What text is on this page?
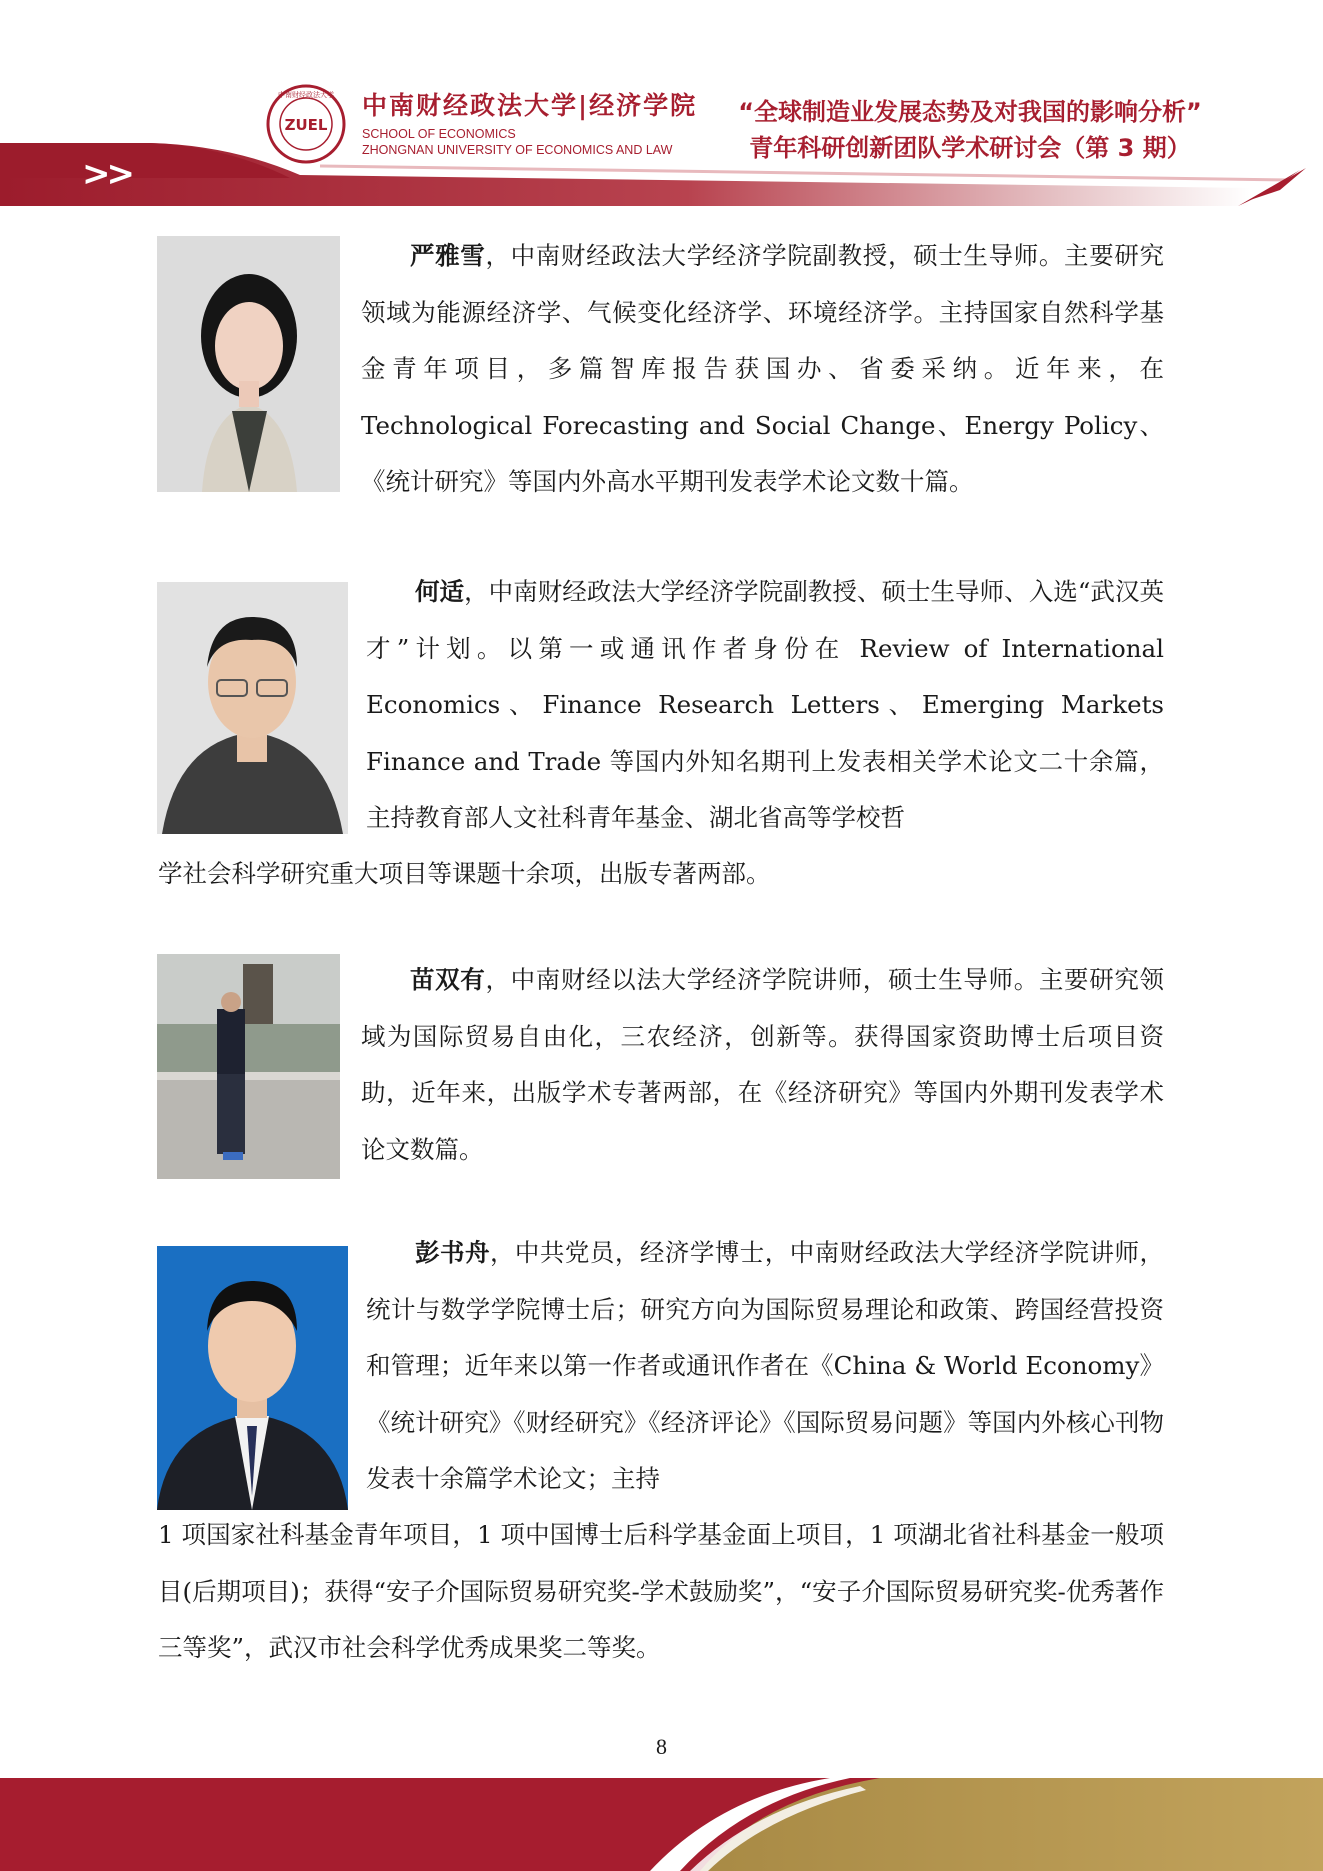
ZUEL
中南财经政法大学 中南财经政法大学|经济学院
SCHOOL OF ECONOMICS
ZHONGNAN UNIVERSITY OF ECONOMICS AND LAW
“全球制造业发展态势及对我国的影响分析”
青年科研创新团队学术研讨会（第 3 期）
>>

严雅雪，中南财经政法大学经济学院副教授，硕士生导师。主要研究领域为能源经济学、气候变化经济学、环境经济学。主持国家自然科学基金青年项目，多篇智库报告获国办、省委采纳。近年来，在 Technological Forecasting and Social Change、Energy Policy、《统计研究》等国内外高水平期刊发表学术论文数十篇。

何适，中南财经政法大学经济学院副教授、硕士生导师、入选“武汉英才”计划。以第一或通讯作者身份在 Review of International Economics、Finance Research Letters、Emerging Markets Finance and Trade 等国内外知名期刊上发表相关学术论文二十余篇，主持教育部人文社科青年基金、湖北省高等学校哲

学社会科学研究重大项目等课题十余项，出版专著两部。

苗双有，中南财经以法大学经济学院讲师，硕士生导师。主要研究领域为国际贸易自由化，三农经济，创新等。获得国家资助博士后项目资助，近年来，出版学术专著两部，在《经济研究》等国内外期刊发表学术论文数篇。

彭书舟，中共党员，经济学博士，中南财经政法大学经济学院讲师，统计与数学学院博士后；研究方向为国际贸易理论和政策、跨国经营投资和管理；近年来以第一作者或通讯作者在《China & World Economy》《统计研究》《财经研究》《经济评论》《国际贸易问题》等国内外核心刊物发表十余篇学术论文；主持

1 项国家社科基金青年项目，1 项中国博士后科学基金面上项目，1 项湖北省社科基金一般项目(后期项目)；获得“安子介国际贸易研究奖-学术鼓励奖”，“安子介国际贸易研究奖-优秀著作三等奖”，武汉市社会科学优秀成果奖二等奖。
8
